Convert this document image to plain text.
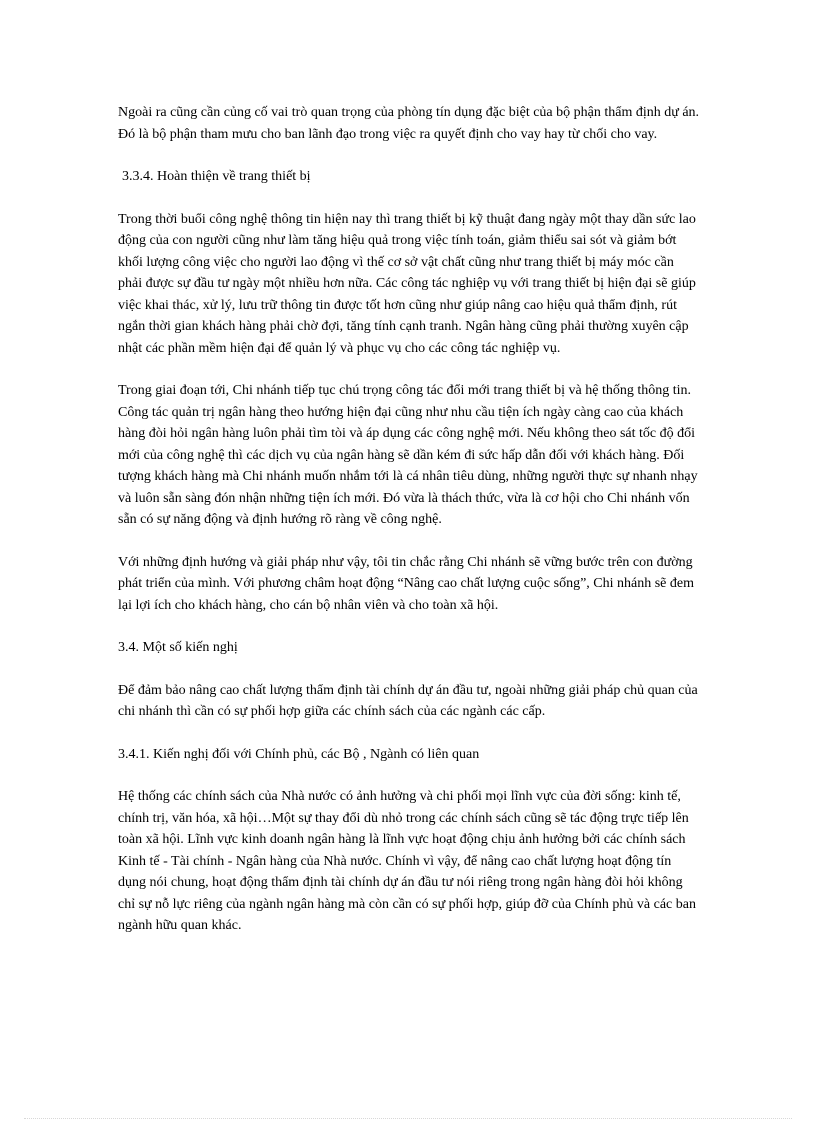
Ngoài ra cũng cần củng cố vai trò quan trọng của phòng tín dụng đặc biệt của bộ phận thẩm định dự án. Đó là bộ phận tham mưu cho ban lãnh đạo trong việc ra quyết định cho vay hay từ chối cho vay.

3.3.4. Hoàn thiện về trang thiết bị

Trong thời buổi công nghệ thông tin hiện nay thì trang thiết bị kỹ thuật đang ngày một thay dần sức lao động của con người cũng như làm tăng hiệu quả trong việc tính toán, giảm thiểu sai sót và giảm bớt khối lượng công việc cho người lao động vì thế cơ sở vật chất cũng như trang thiết bị máy móc cần phải được sự đầu tư ngày một nhiều hơn nữa. Các công tác nghiệp vụ với trang thiết bị hiện đại sẽ giúp việc khai thác, xử lý, lưu trữ thông tin được tốt hơn cũng như giúp nâng cao hiệu quả thẩm định, rút ngắn thời gian khách hàng phải chờ đợi, tăng tính cạnh tranh. Ngân hàng cũng phải thường xuyên cập nhật các phần mềm hiện đại để quản lý và phục vụ cho các công tác nghiệp vụ.

Trong giai đoạn tới, Chi nhánh tiếp tục chú trọng công tác đổi mới trang thiết bị và hệ thống thông tin. Công tác quản trị ngân hàng theo hướng hiện đại cũng như nhu cầu tiện ích ngày càng cao của khách hàng đòi hỏi ngân hàng luôn phải tìm tòi và áp dụng các công nghệ mới. Nếu không theo sát tốc độ đổi mới của công nghệ thì các dịch vụ của ngân hàng sẽ dần kém đi sức hấp dẫn đối với khách hàng. Đối tượng khách hàng mà Chi nhánh muốn nhắm tới là cá nhân tiêu dùng, những người thực sự nhanh nhạy và luôn sẵn sàng đón nhận những tiện ích mới. Đó vừa là thách thức, vừa là cơ hội cho Chi nhánh vốn sẵn có sự năng động và định hướng rõ ràng về công nghệ.

Với những định hướng và giải pháp như vậy, tôi tin chắc rằng Chi nhánh sẽ vững bước trên con đường phát triển của mình. Với phương châm hoạt động “Nâng cao chất lượng cuộc sống”, Chi nhánh sẽ đem lại lợi ích cho khách hàng, cho cán bộ nhân viên và cho toàn xã hội.

3.4. Một số kiến nghị

Để đảm bảo nâng cao chất lượng thẩm định tài chính dự án đầu tư, ngoài những giải pháp chủ quan của chi nhánh thì cần có sự phối hợp giữa các chính sách của các ngành các cấp.

3.4.1. Kiến nghị đối với Chính phủ, các Bộ , Ngành có liên quan

Hệ thống các chính sách của Nhà nước có ảnh hưởng và chi phối mọi lĩnh vực của đời sống: kinh tế, chính trị, văn hóa, xã hội…Một sự thay đổi dù nhỏ trong các chính sách cũng sẽ tác động trực tiếp lên toàn xã hội. Lĩnh vực kinh doanh ngân hàng là lĩnh vực hoạt động chịu ảnh hưởng bởi các chính sách Kinh tế - Tài chính - Ngân hàng của Nhà nước. Chính vì vậy, để nâng cao chất lượng hoạt động tín dụng nói chung, hoạt động thẩm định tài chính dự án đầu tư nói riêng trong ngân hàng đòi hỏi không chỉ sự nỗ lực riêng của ngành ngân hàng mà còn cần có sự phối hợp, giúp đỡ của Chính phủ và các ban ngành hữu quan khác.
